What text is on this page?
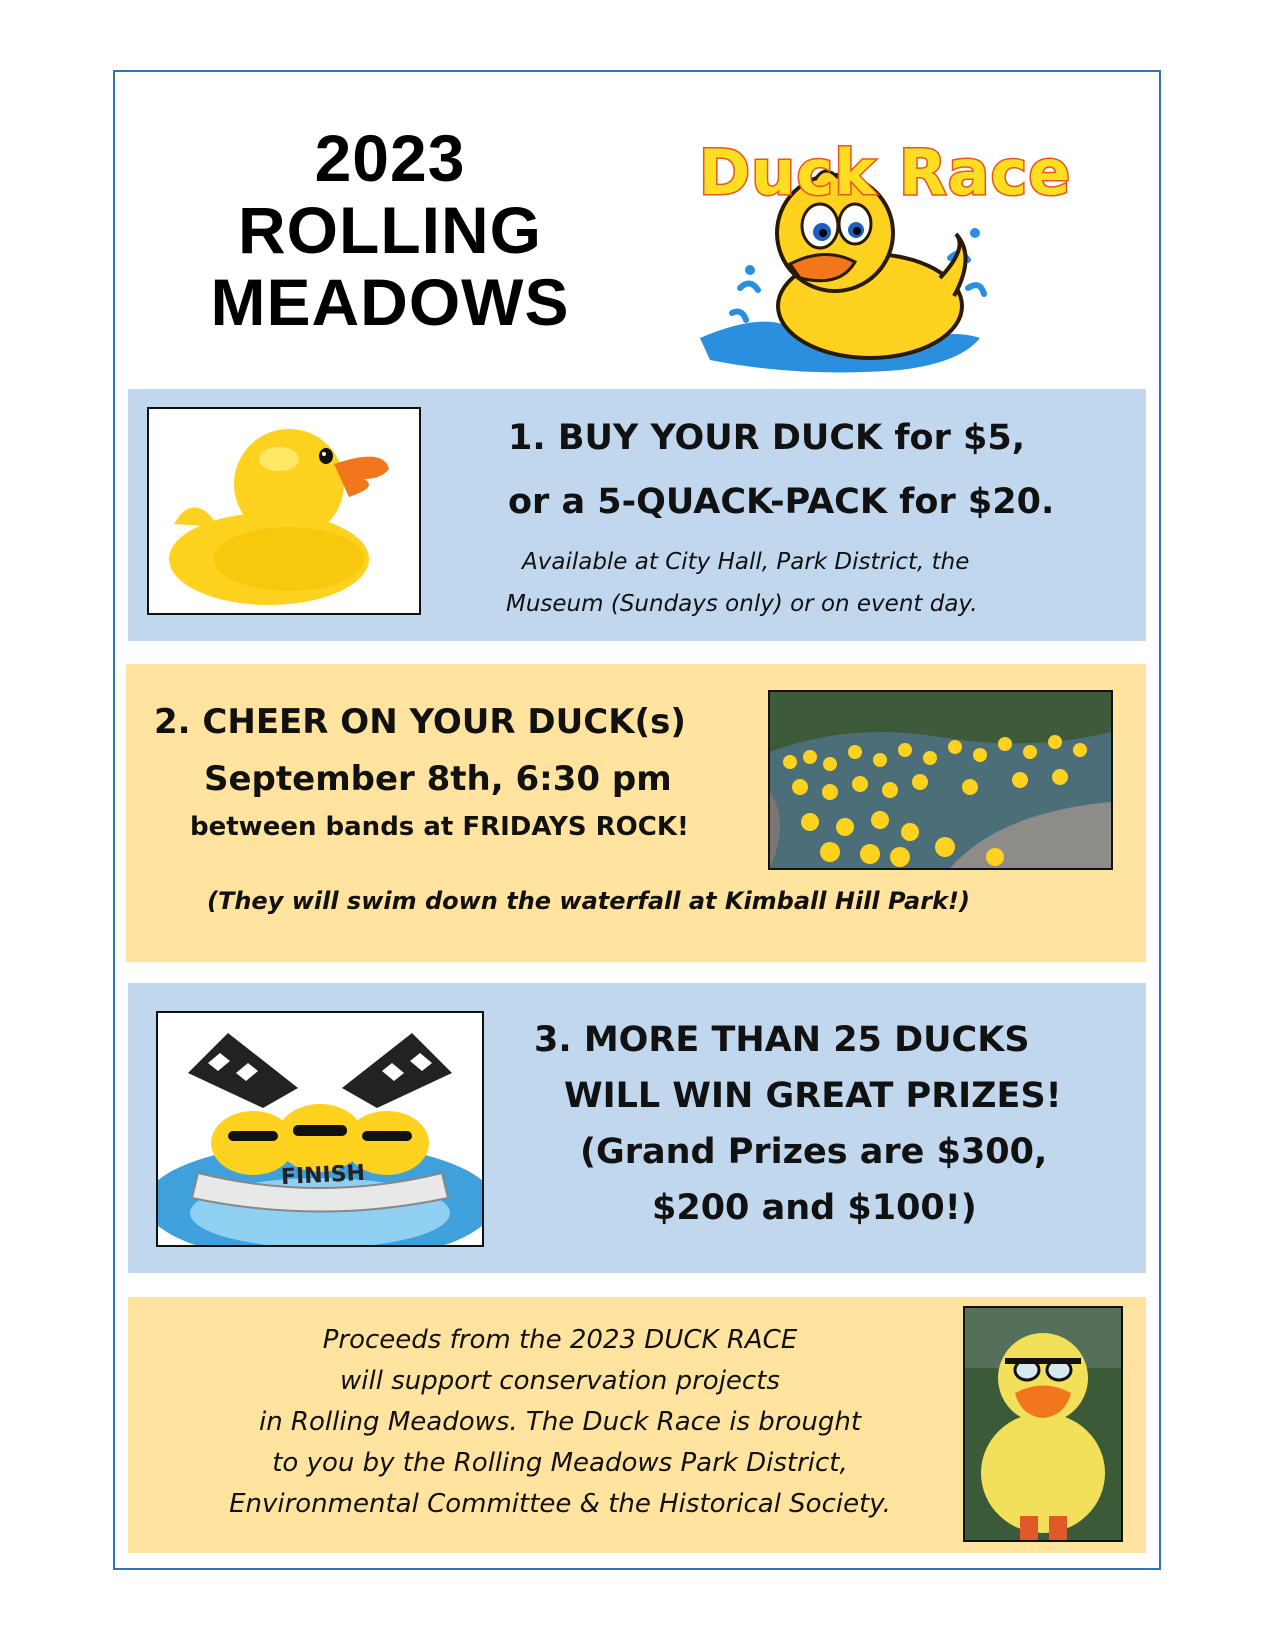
2023
ROLLING
MEADOWS
Duck Race
1. BUY YOUR DUCK for $5,
or a 5-QUACK-PACK for $20.
Available at City Hall, Park District, the
Museum (Sundays only) or on event day.
2. CHEER ON YOUR DUCK(s)
September 8th, 6:30 pm
between bands at FRIDAYS ROCK!
(They will swim down the waterfall at Kimball Hill Park!)
FINISH
3. MORE THAN 25 DUCKS
WILL WIN GREAT PRIZES!
(Grand Prizes are $300,
$200 and $100!)
Proceeds from the 2023 DUCK RACE
will support conservation projects
in Rolling Meadows. The Duck Race is brought
to you by the Rolling Meadows Park District,
Environmental Committee & the Historical Society.
